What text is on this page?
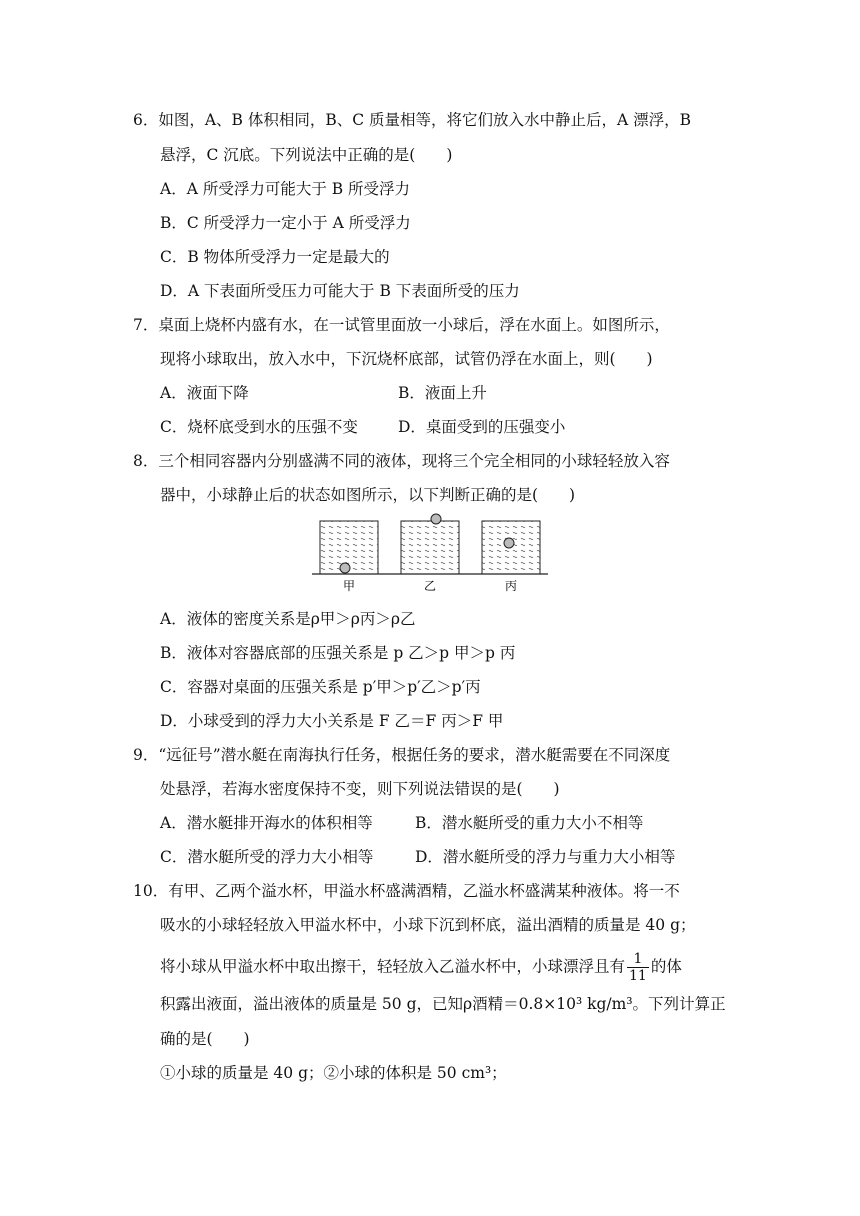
6．如图，A、B 体积相同，B、C 质量相等，将它们放入水中静止后，A 漂浮，B
悬浮，C 沉底。下列说法中正确的是(　　)
A．A 所受浮力可能大于 B 所受浮力
B．C 所受浮力一定小于 A 所受浮力
C．B 物体所受浮力一定是最大的
D．A 下表面所受压力可能大于 B 下表面所受的压力
7．桌面上烧杯内盛有水，在一试管里面放一小球后，浮在水面上。如图所示，
现将小球取出，放入水中，下沉烧杯底部，试管仍浮在水面上，则(　　)
A．液面下降	B．液面上升
C．烧杯底受到水的压强不变	D．桌面受到的压强变小
8．三个相同容器内分别盛满不同的液体，现将三个完全相同的小球轻轻放入容
器中，小球静止后的状态如图所示，以下判断正确的是(　　)
甲	乙	丙
A．液体的密度关系是ρ甲＞ρ丙＞ρ乙
B．液体对容器底部的压强关系是 p 乙＞p 甲＞p 丙
C．容器对桌面的压强关系是 p′甲＞p′乙＞p′丙
D．小球受到的浮力大小关系是 F 乙＝F 丙＞F 甲
9．“远征号”潜水艇在南海执行任务，根据任务的要求，潜水艇需要在不同深度
处悬浮，若海水密度保持不变，则下列说法错误的是(　　)
A．潜水艇排开海水的体积相等	B．潜水艇所受的重力大小不相等
C．潜水艇所受的浮力大小相等	D．潜水艇所受的浮力与重力大小相等
10．有甲、乙两个溢水杯，甲溢水杯盛满酒精，乙溢水杯盛满某种液体。将一不
吸水的小球轻轻放入甲溢水杯中，小球下沉到杯底，溢出酒精的质量是 40 g；
将小球从甲溢水杯中取出擦干，轻轻放入乙溢水杯中，小球漂浮且有 $\frac{1}{11}$ 的体
积露出液面，溢出液体的质量是 50 g，已知ρ酒精＝0.8×10³ kg/m³。下列计算正
确的是(　　)
①小球的质量是 40 g；②小球的体积是 50 cm³；
